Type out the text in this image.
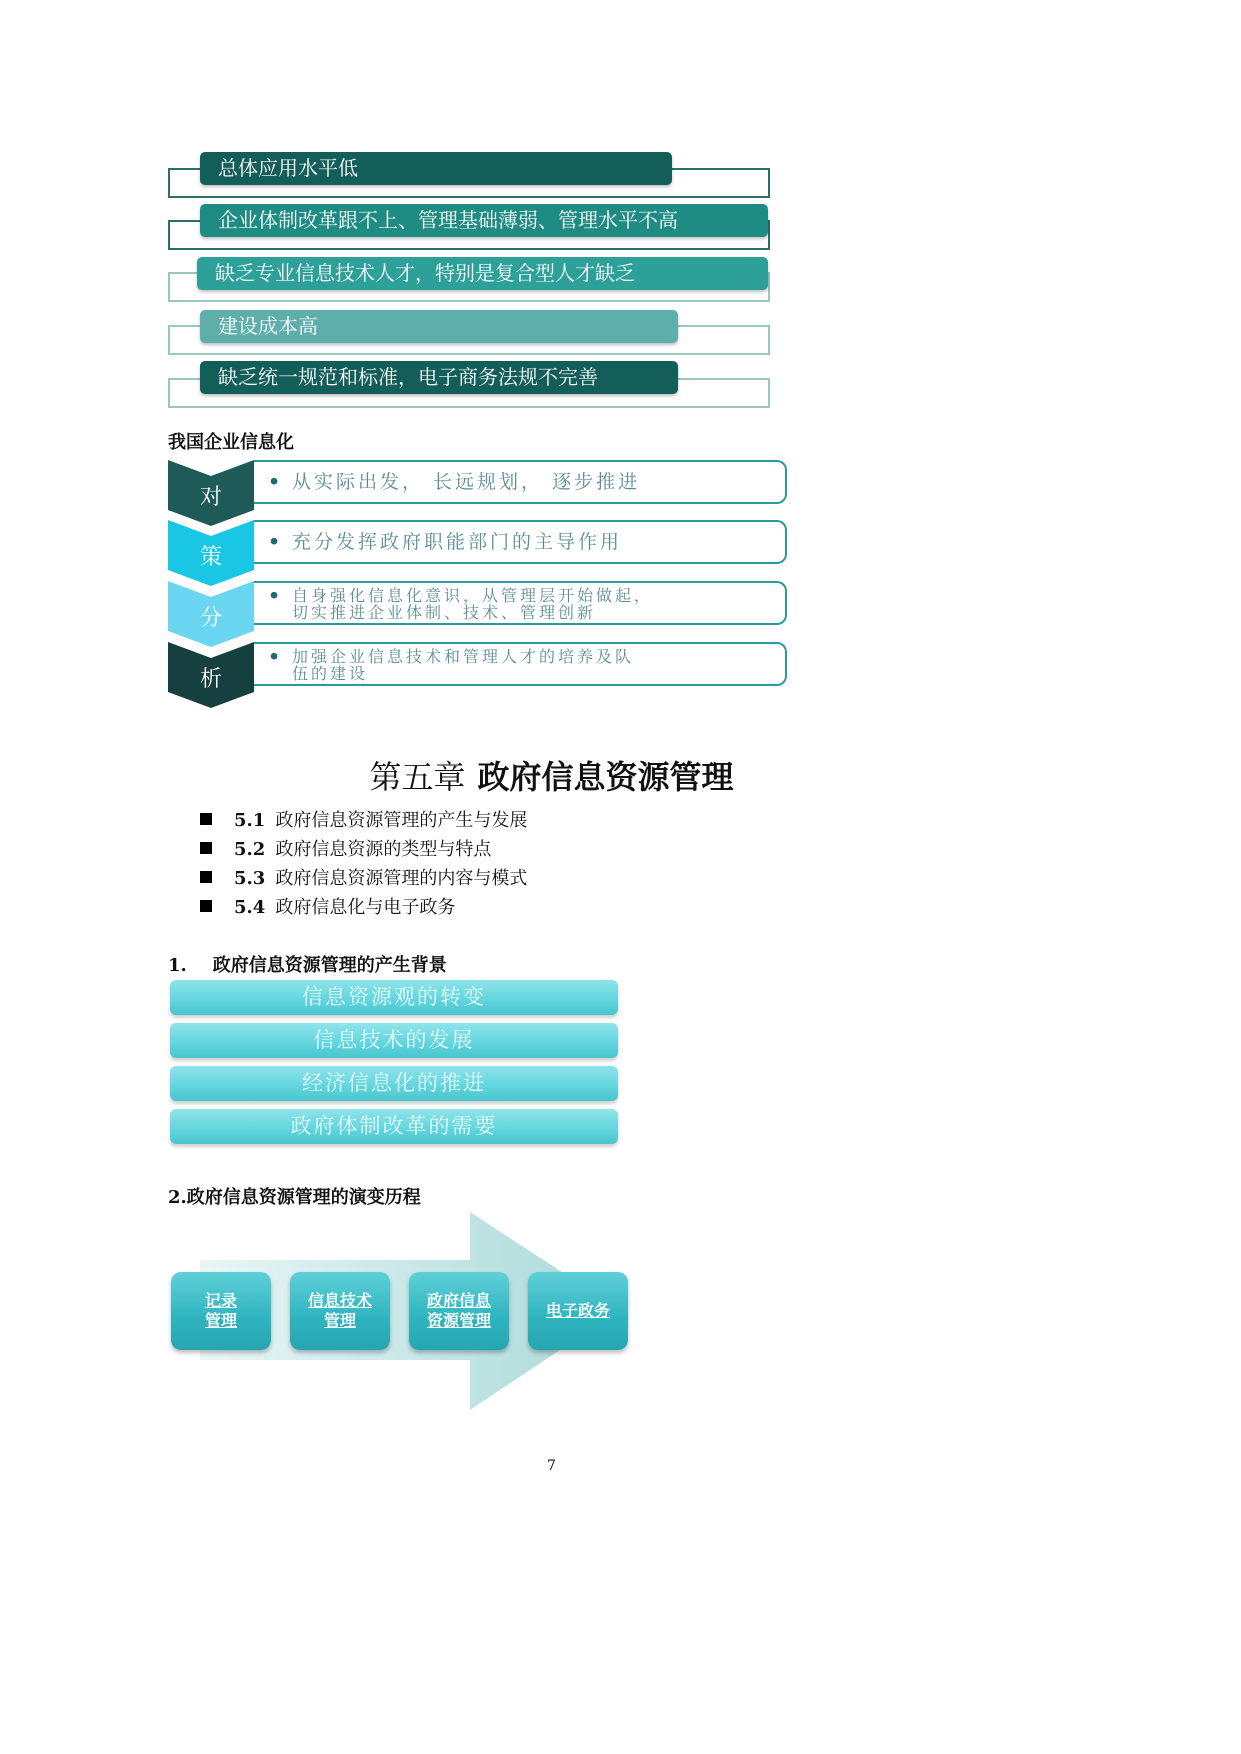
总体应用水平低
企业体制改革跟不上、管理基础薄弱、管理水平不高
缺乏专业信息技术人才，特别是复合型人才缺乏
建设成本高
缺乏统一规范和标准，电子商务法规不完善
我国企业信息化
对
• 从实际出发， 长远规划， 逐步推进
策
• 充分发挥政府职能部门的主导作用
分
• 自身强化信息化意识，从管理层开始做起，
切实推进企业体制、技术、管理创新
析
• 加强企业信息技术和管理人才的培养及队
伍的建设
第五章 政府信息资源管理
5.1 政府信息资源管理的产生与发展
5.2 政府信息资源的类型与特点
5.3 政府信息资源管理的内容与模式
5.4 政府信息化与电子政务
1. 政府信息资源管理的产生背景
信息资源观的转变
信息技术的发展
经济信息化的推进
政府体制改革的需要
2.政府信息资源管理的演变历程
记录
管理
信息技术
管理
政府信息
资源管理
电子政务
7
